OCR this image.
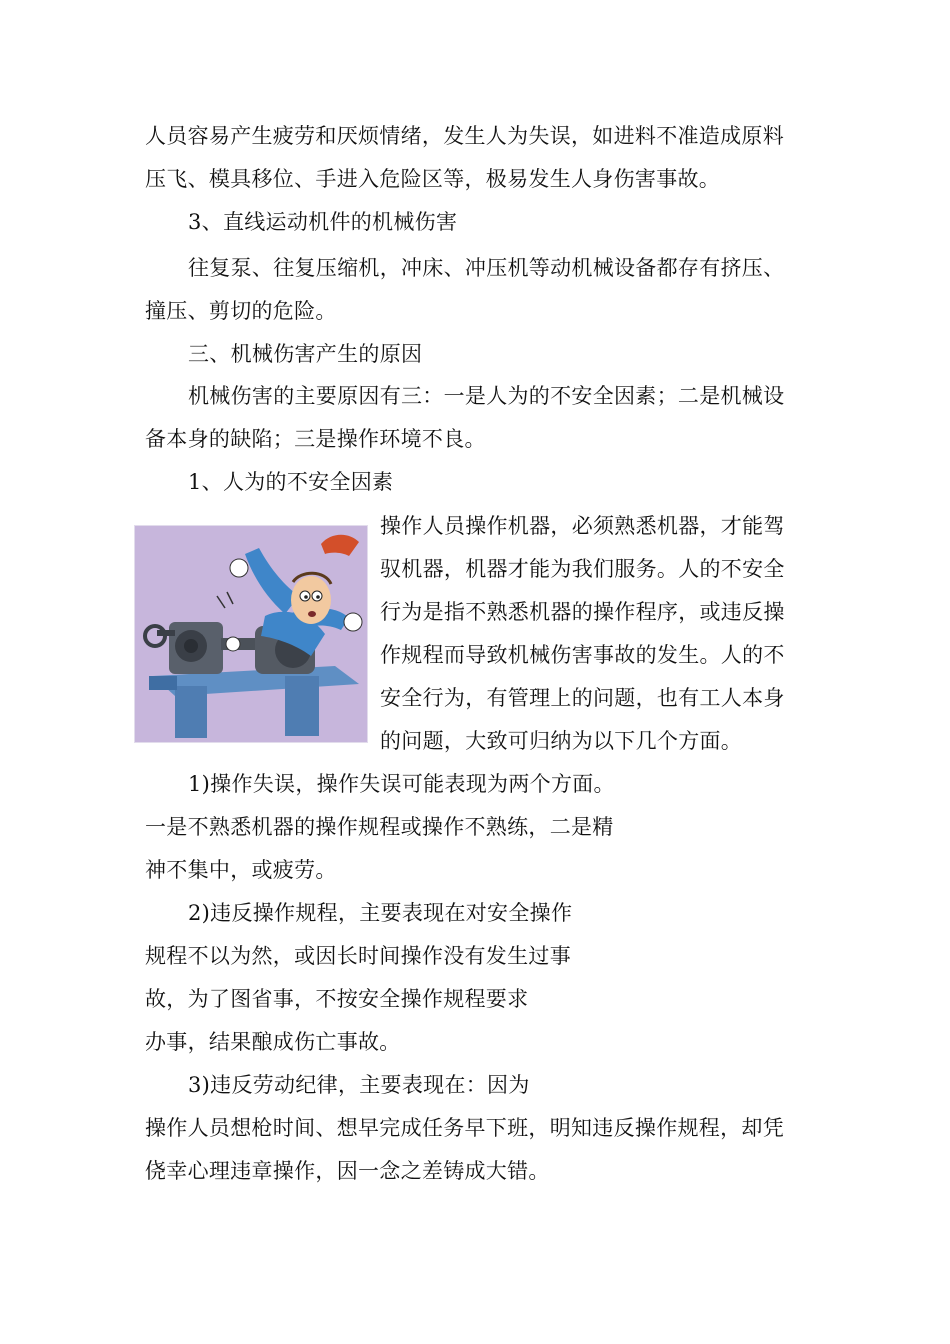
人员容易产生疲劳和厌烦情绪，发生人为失误，如进料不准造成原料

压飞、模具移位、手进入危险区等，极易发生人身伤害事故。

3、直线运动机件的机械伤害

往复泵、往复压缩机，冲床、冲压机等动机械设备都存有挤压、

撞压、剪切的危险。

三、机械伤害产生的原因

机械伤害的主要原因有三：一是人为的不安全因素；二是机械设

备本身的缺陷；三是操作环境不良。

1、人为的不安全因素

操作人员操作机器，必须熟悉机器，才能驾

驭机器，机器才能为我们服务。人的不安全

行为是指不熟悉机器的操作程序，或违反操

作规程而导致机械伤害事故的发生。人的不

安全行为，有管理上的问题，也有工人本身

的问题，大致可归纳为以下几个方面。

1)操作失误，操作失误可能表现为两个方面。

一是不熟悉机器的操作规程或操作不熟练，二是精

神不集中，或疲劳。

2)违反操作规程，主要表现在对安全操作

规程不以为然，或因长时间操作没有发生过事

故，为了图省事，不按安全操作规程要求

办事，结果酿成伤亡事故。

3)违反劳动纪律，主要表现在：因为

操作人员想枪时间、想早完成任务早下班，明知违反操作规程，却凭

侥幸心理违章操作，因一念之差铸成大错。
